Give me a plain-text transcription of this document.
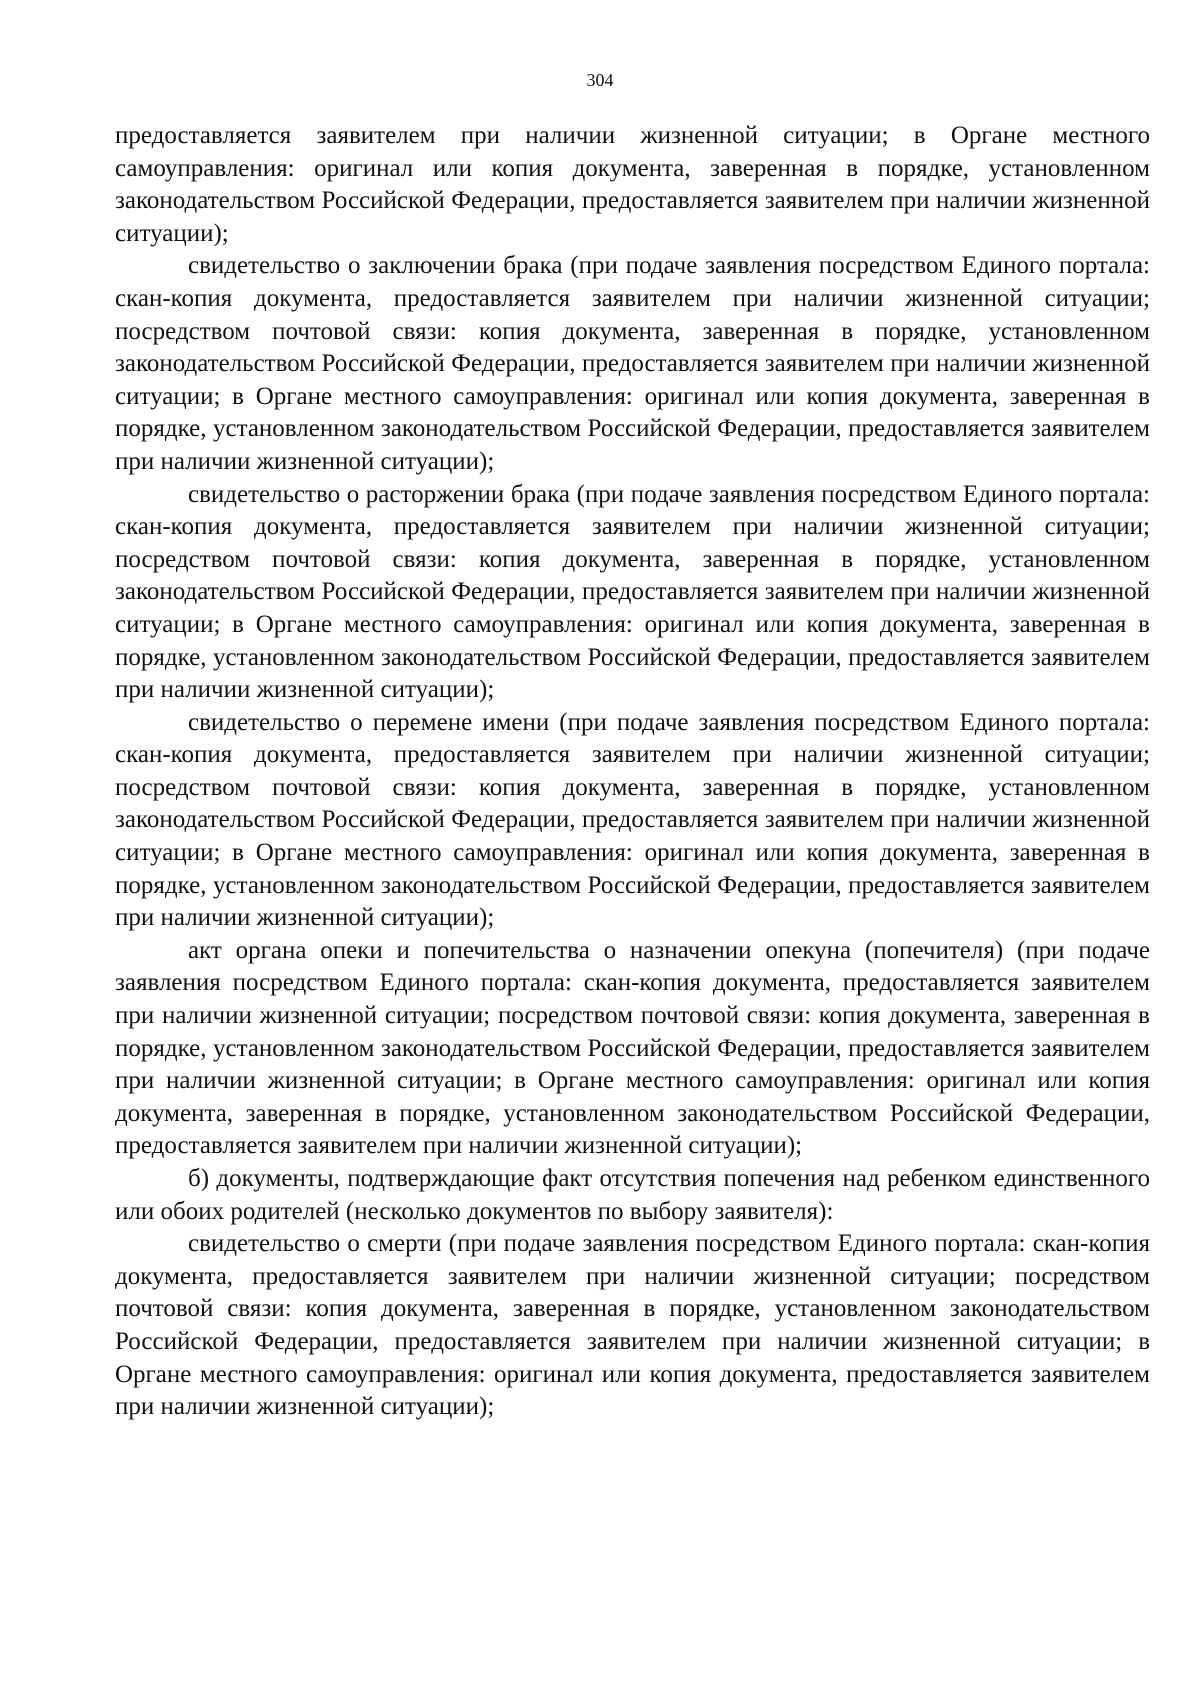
304

предоставляется заявителем при наличии жизненной ситуации; в Органе местного самоуправления: оригинал или копия документа, заверенная в порядке, установленном законодательством Российской Федерации, предоставляется заявителем при наличии жизненной ситуации);

свидетельство о заключении брака (при подаче заявления посредством Единого портала: скан-копия документа, предоставляется заявителем при наличии жизненной ситуации; посредством почтовой связи: копия документа, заверенная в порядке, установленном законодательством Российской Федерации, предоставляется заявителем при наличии жизненной ситуации; в Органе местного самоуправления: оригинал или копия документа, заверенная в порядке, установленном законодательством Российской Федерации, предоставляется заявителем при наличии жизненной ситуации);

свидетельство о расторжении брака (при подаче заявления посредством Единого портала: скан-копия документа, предоставляется заявителем при наличии жизненной ситуации; посредством почтовой связи: копия документа, заверенная в порядке, установленном законодательством Российской Федерации, предоставляется заявителем при наличии жизненной ситуации; в Органе местного самоуправления: оригинал или копия документа, заверенная в порядке, установленном законодательством Российской Федерации, предоставляется заявителем при наличии жизненной ситуации);

свидетельство о перемене имени (при подаче заявления посредством Единого портала: скан-копия документа, предоставляется заявителем при наличии жизненной ситуации; посредством почтовой связи: копия документа, заверенная в порядке, установленном законодательством Российской Федерации, предоставляется заявителем при наличии жизненной ситуации; в Органе местного самоуправления: оригинал или копия документа, заверенная в порядке, установленном законодательством Российской Федерации, предоставляется заявителем при наличии жизненной ситуации);

акт органа опеки и попечительства о назначении опекуна (попечителя) (при подаче заявления посредством Единого портала: скан-копия документа, предоставляется заявителем при наличии жизненной ситуации; посредством почтовой связи: копия документа, заверенная в порядке, установленном законодательством Российской Федерации, предоставляется заявителем при наличии жизненной ситуации; в Органе местного самоуправления: оригинал или копия документа, заверенная в порядке, установленном законодательством Российской Федерации, предоставляется заявителем при наличии жизненной ситуации);

б) документы, подтверждающие факт отсутствия попечения над ребенком единственного или обоих родителей (несколько документов по выбору заявителя):

свидетельство о смерти (при подаче заявления посредством Единого портала: скан-копия документа, предоставляется заявителем при наличии жизненной ситуации; посредством почтовой связи: копия документа, заверенная в порядке, установленном законодательством Российской Федерации, предоставляется заявителем при наличии жизненной ситуации; в Органе местного самоуправления: оригинал или копия документа, предоставляется заявителем при наличии жизненной ситуации);
